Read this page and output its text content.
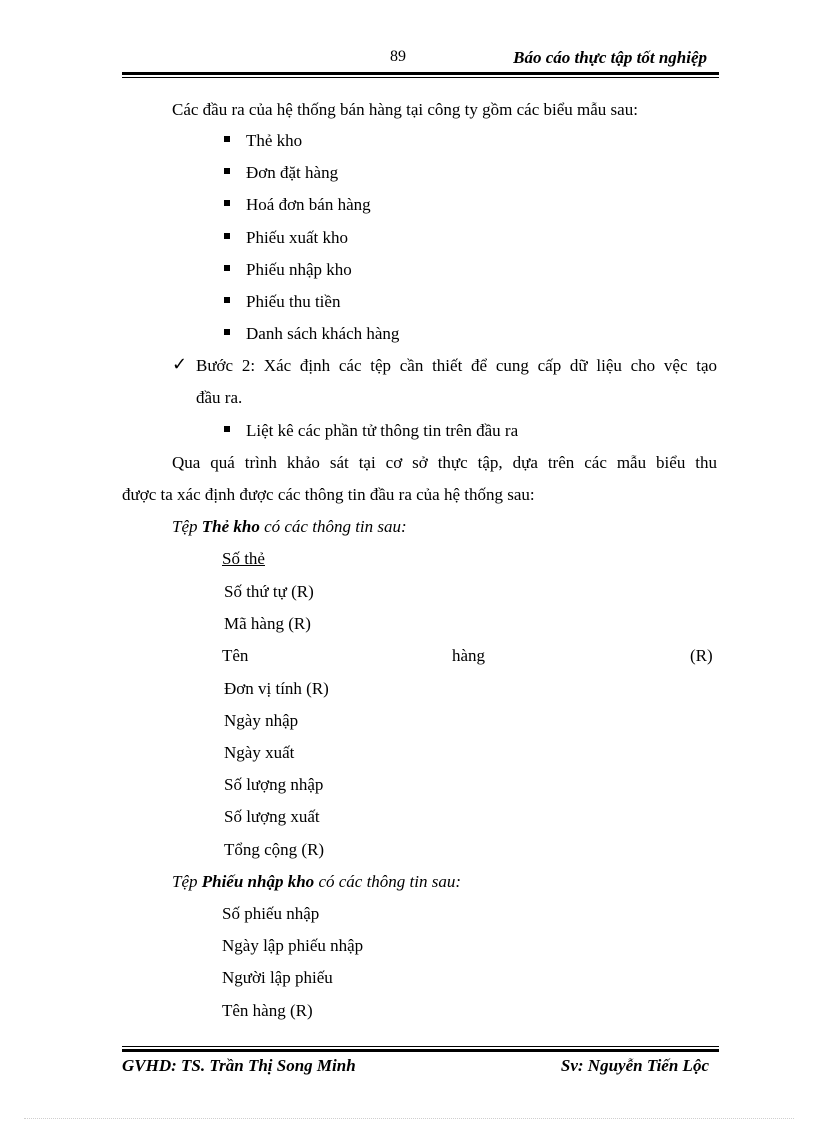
89	Báo cáo thực tập tốt nghiệp
Các đầu ra của hệ thống bán hàng tại công ty gồm các biểu mẫu sau:
Thẻ kho
Đơn đặt hàng
Hoá đơn bán hàng
Phiếu xuất kho
Phiếu nhập kho
Phiếu thu tiền
Danh sách khách hàng
✓ Bước 2: Xác định các tệp cần thiết để cung cấp dữ liệu cho vệc tạo
đầu ra.
Liệt kê các phần tử thông tin trên đầu ra
Qua quá trình khảo sát tại cơ sở thực tập, dựa trên các mẫu biểu thu
được ta xác định được các thông tin đầu ra của hệ thống sau:
Tệp Thẻ kho có các thông tin sau:
Số thẻ
Số thứ tự (R)
Mã hàng (R)
Tên	hàng	(R)
Đơn vị tính (R)
Ngày nhập
Ngày xuất
Số lượng nhập
Số lượng xuất
Tổng cộng (R)
Tệp Phiếu nhập kho có các thông tin sau:
Số phiếu nhập
Ngày lập phiếu nhập
Người lập phiếu
Tên hàng (R)
GVHD: TS. Trần Thị Song Minh	Sv: Nguyễn Tiến Lộc
